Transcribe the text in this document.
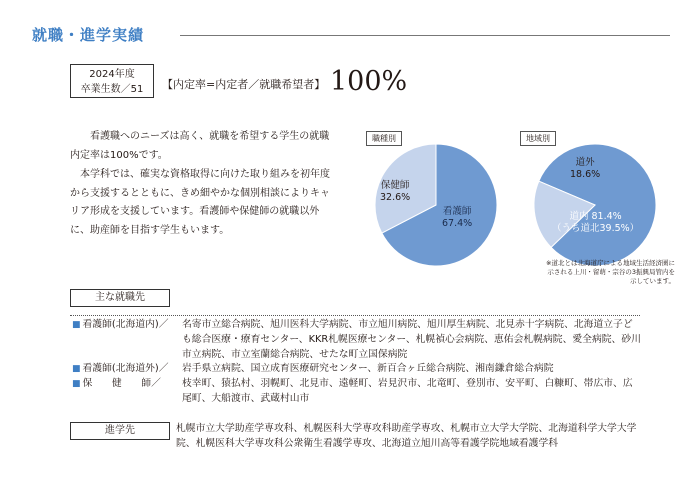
就職・進学実績
2024年度
卒業生数／51	【内定率=内定者／就職希望者】 100%
看護職へのニーズは高く、就職を希望する学生の就職内定率は100%です。
本学科では、確実な資格取得に向けた取り組みを初年度から支援するとともに、きめ細やかな個別相談によりキャリア形成を支援しています。看護師や保健師の就職以外に、助産師を目指す学生もいます。
職種別
保健師
32.6%
看護師
67.4%
地域別
道外
18.6%
道内 81.4%
（うち道北39.5%）
※道北とは北海道庁による地域生活経済圏に示される上川・留萌・宗谷の3振興局管内を示しています。
主な就職先
■ 看護師(北海道内)／	名寄市立総合病院、旭川医科大学病院、市立旭川病院、旭川厚生病院、北見赤十字病院、北海道立子ども総合医療・療育センター、KKR札幌医療センター、札幌禎心会病院、恵佑会札幌病院、愛全病院、砂川市立病院、市立室蘭総合病院、せたな町立国保病院
■ 看護師(北海道外)／	岩手県立病院、国立成育医療研究センター、新百合ヶ丘総合病院、湘南鎌倉総合病院
■ 保　　健　　師／	枝幸町、猿払村、羽幌町、北見市、遠軽町、岩見沢市、北竜町、登別市、安平町、白糠町、帯広市、広尾町、大船渡市、武蔵村山市
進学先	札幌市立大学助産学専攻科、札幌医科大学専攻科助産学専攻、札幌市立大学大学院、北海道科学大学大学院、札幌医科大学専攻科公衆衛生看護学専攻、北海道立旭川高等看護学院地域看護学科
